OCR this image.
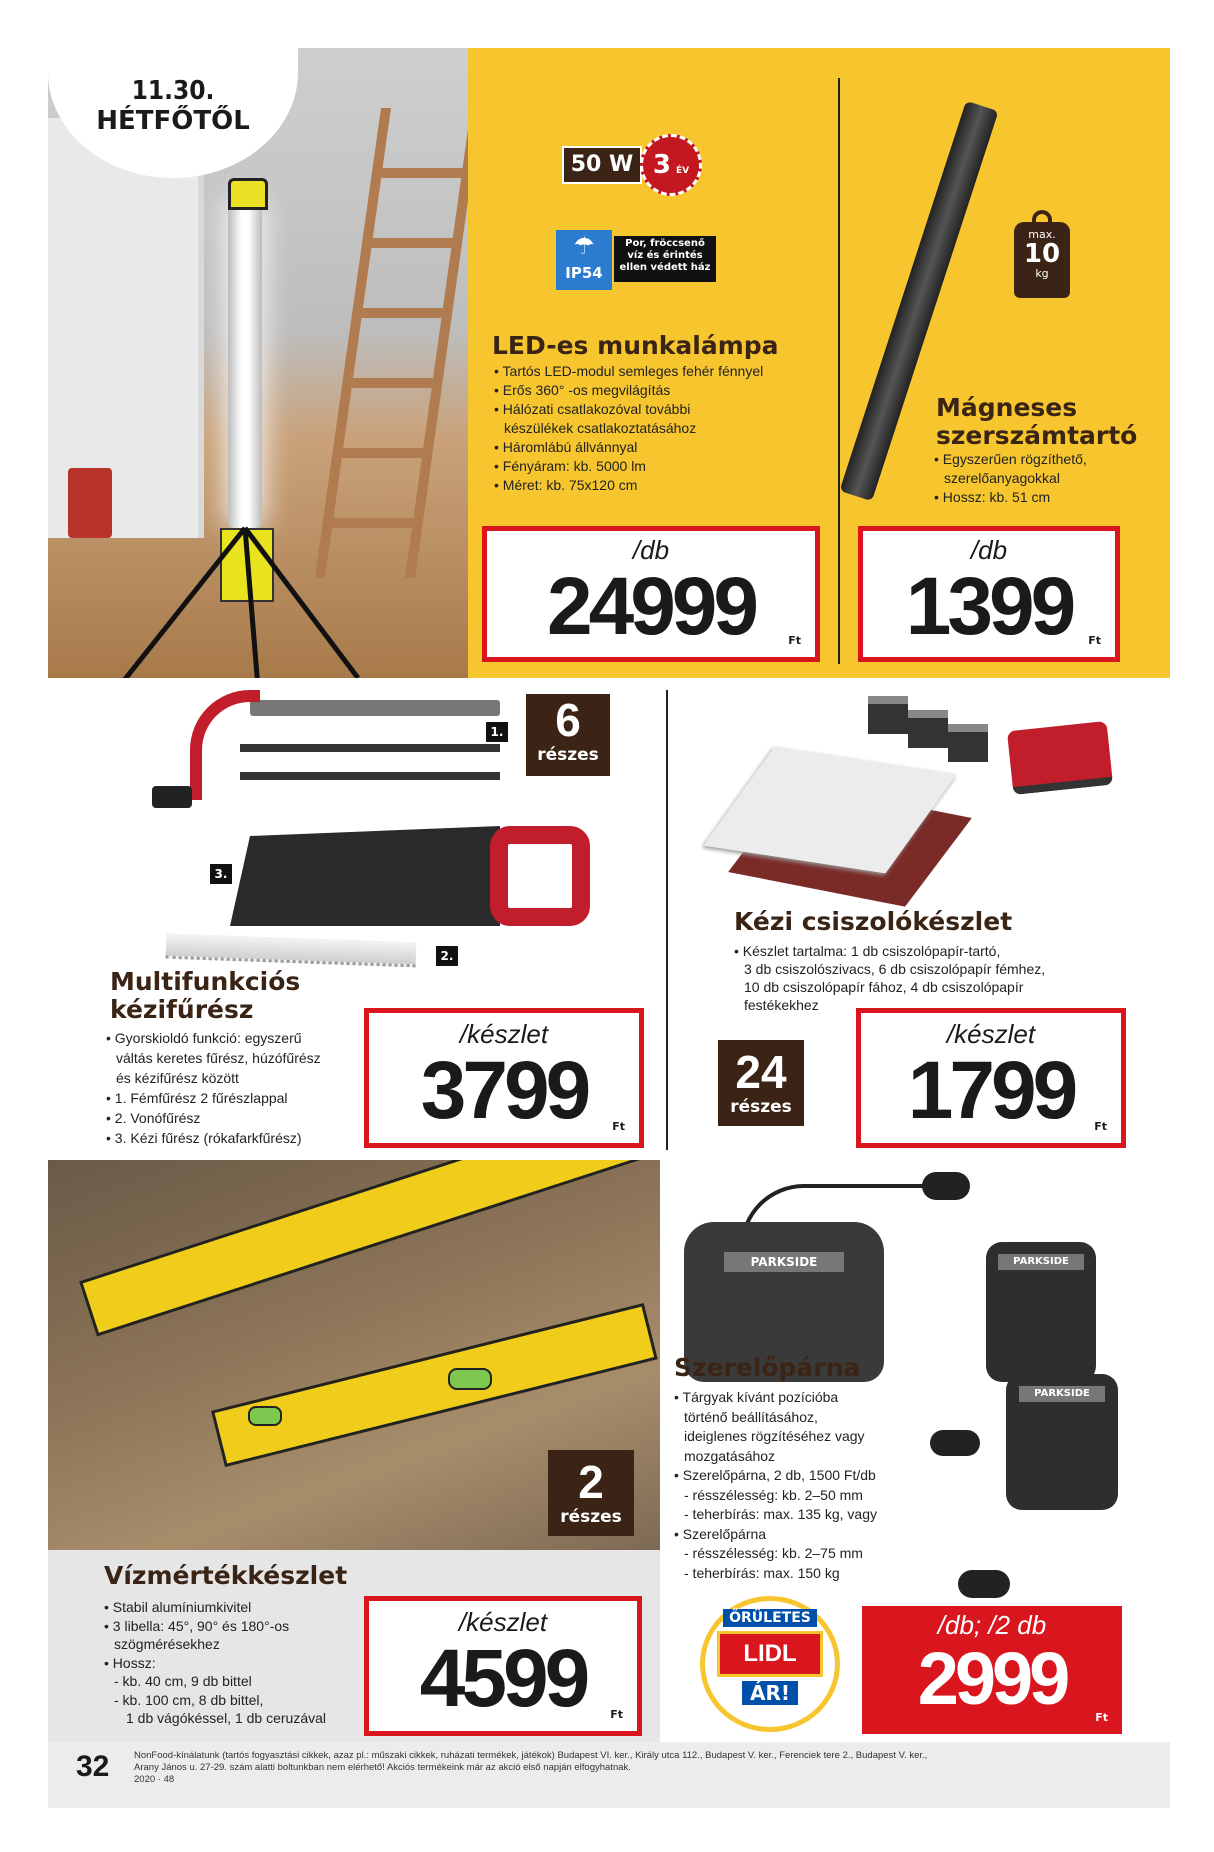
11.30.
HÉTFŐTŐL
50 W 3 ÉV
☂
IP54
Por, fröccsenő víz és érintés ellen védett ház
LED-es munkalámpa
• Tartós LED-modul semleges fehér fénnyel
• Erős 360° -os megvilágítás
• Hálózati csatlakozóval további
készülékek csatlakoztatásához
• Háromlábú állvánnyal
• Fényáram: kb. 5000 lm
• Méret: kb. 75x120 cm
max.
10
kg
Mágneses
szerszámtartó
• Egyszerűen rögzíthető,
szerelőanyagokkal
• Hossz: kb. 51 cm
/db
24999	Ft
/db
1399	Ft
1.
3.
2.
6
részes
Multifunkciós
kézifűrész
• Gyorskioldó funkció: egyszerű
váltás keretes fűrész, húzófűrész
és kézifűrész között
• 1. Fémfűrész 2 fűrészlappal
• 2. Vonófűrész
• 3. Kézi fűrész (rókafarkfűrész)
/készlet
3799	Ft
Kézi csiszolókészlet
• Készlet tartalma: 1 db csiszolópapír-tartó,
3 db csiszolószivacs, 6 db csiszolópapír fémhez,
10 db csiszolópapír fához, 4 db csiszolópapír
festékekhez
24
részes
/készlet
1799	Ft
2
részes
Vízmértékkészlet
• Stabil alumíniumkivitel
• 3 libella: 45°, 90° és 180°-os
szögmérésekhez
• Hossz:
- kb. 40 cm, 9 db bittel
- kb. 100 cm, 8 db bittel,
1 db vágókéssel, 1 db ceruzával
/készlet
4599	Ft
PARKSIDE	PARKSIDE
PARKSIDE
Szerelőpárna
• Tárgyak kívánt pozícióba
történő beállításához,
ideiglenes rögzítéséhez vagy
mozgatásához
• Szerelőpárna, 2 db, 1500 Ft/db
- résszélesség: kb. 2–50 mm
- teherbírás: max. 135 kg, vagy
• Szerelőpárna
- résszélesség: kb. 2–75 mm
- teherbírás: max. 150 kg
ŐRÜLETES
LIDL
ÁR!
/db; /2 db
2999	Ft
32	NonFood-kínálatunk (tartós fogyasztási cikkek, azaz pl.: műszaki cikkek, ruházati termékek, játékok) Budapest VI. ker., Király utca 112., Budapest V. ker., Ferenciek tere 2., Budapest V. ker.,
Arany János u. 27-29. szám alatti boltunkban nem elérhető! Akciós termékeink már az akció első napján elfogyhatnak.
2020 · 48
